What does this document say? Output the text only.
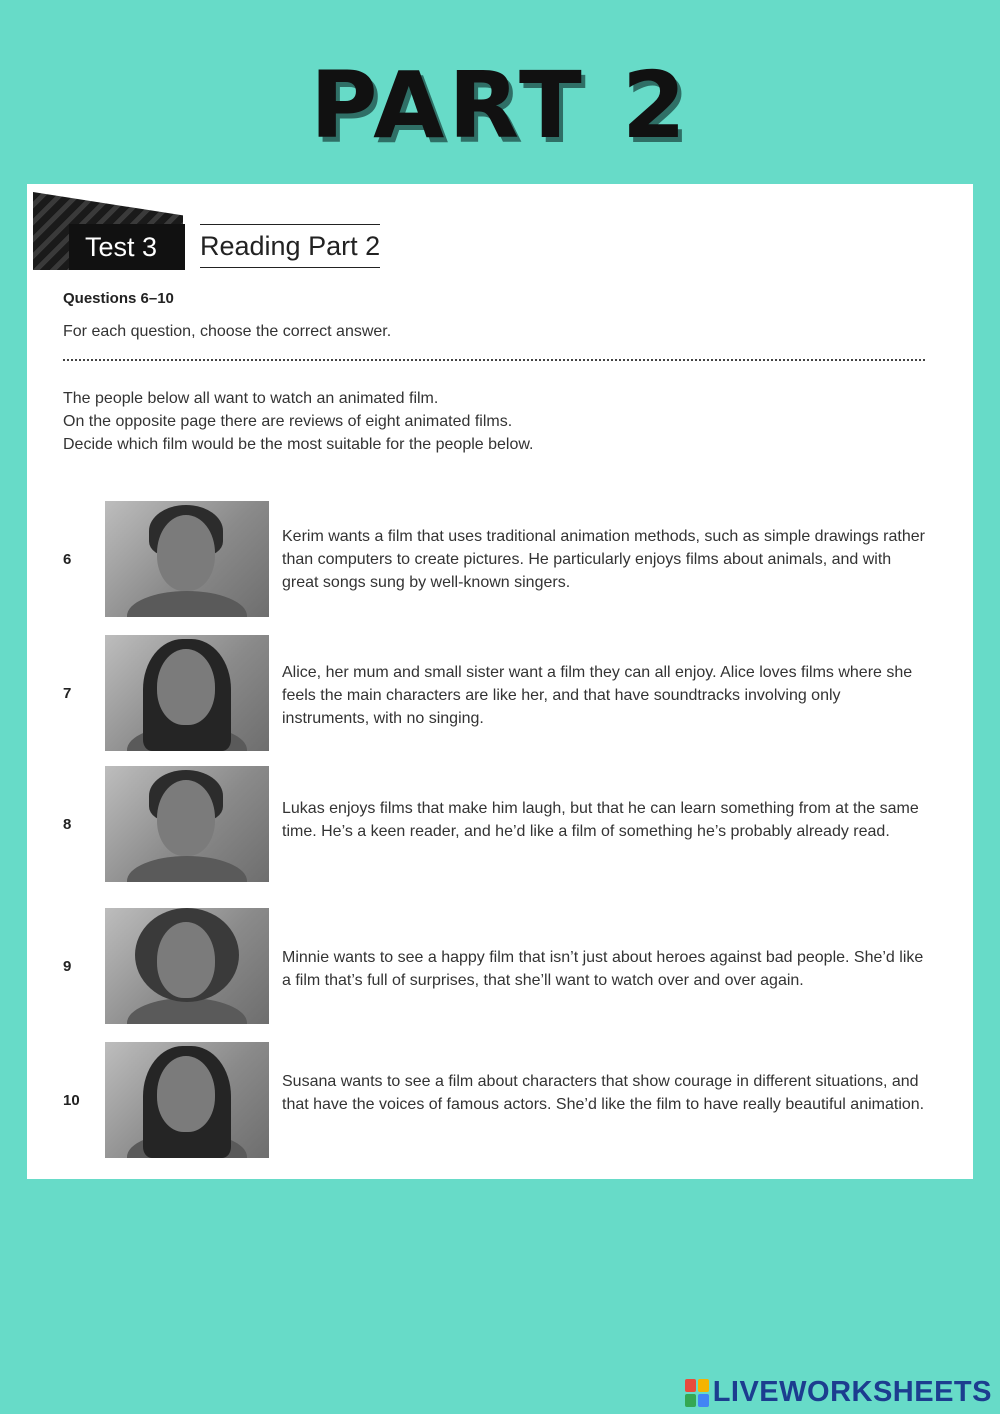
PART 2
Test 3	Reading Part 2
Questions 6–10
For each question, choose the correct answer.
The people below all want to watch an animated film.
On the opposite page there are reviews of eight animated films.
Decide which film would be the most suitable for the people below.
6
Kerim wants a film that uses traditional animation methods, such as simple drawings rather than computers to create pictures. He particularly enjoys films about animals, and with great songs sung by well-known singers.
7
Alice, her mum and small sister want a film they can all enjoy. Alice loves films where she feels the main characters are like her, and that have soundtracks involving only instruments, with no singing.
8
Lukas enjoys films that make him laugh, but that he can learn something from at the same time. He’s a keen reader, and he’d like a film of something he’s probably already read.
9
Minnie wants to see a happy film that isn’t just about heroes against bad people. She’d like a film that’s full of surprises, that she’ll want to watch over and over again.
10
Susana wants to see a film about characters that show courage in different situations, and that have the voices of famous actors. She’d like the film to have really beautiful animation.
LIVEWORKSHEETS
